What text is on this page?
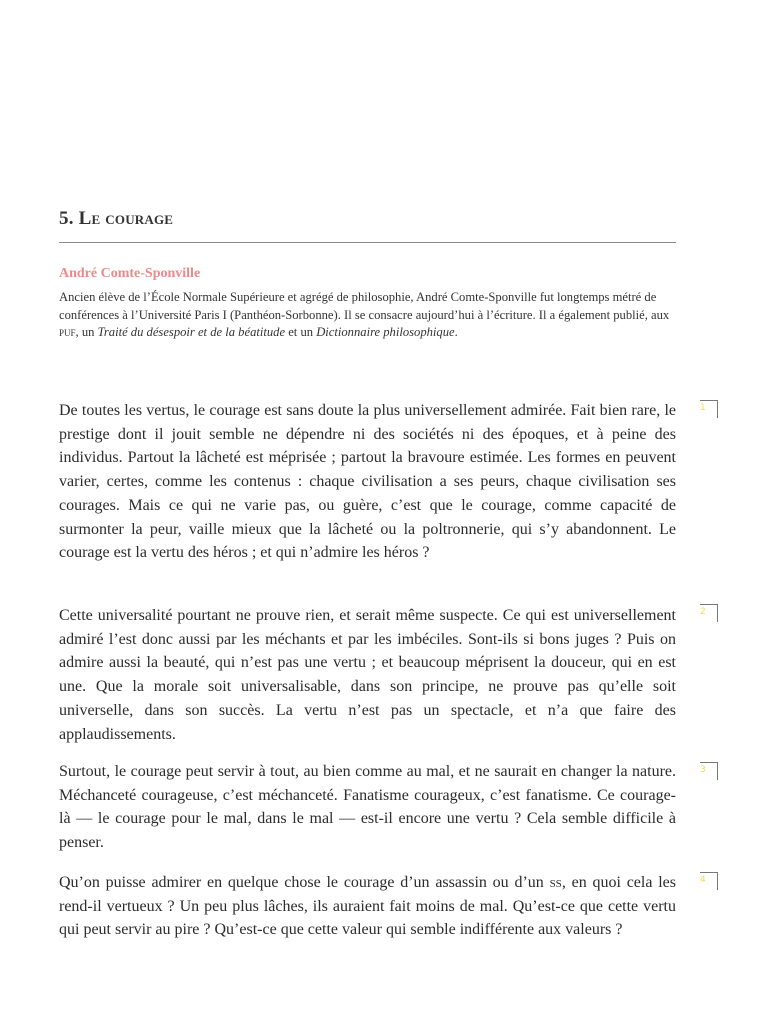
5. Le courage
André Comte-Sponville

Ancien élève de l’École Normale Supérieure et agrégé de philosophie, André Comte-Sponville fut longtemps métré de conférences à l’Université Paris I (Panthéon-Sorbonne). Il se consacre aujourd’hui à l’écriture. Il a également publié, aux puf, un Traité du désespoir et de la béatitude et un Dictionnaire philosophique.

De toutes les vertus, le courage est sans doute la plus universellement admirée. Fait bien rare, le prestige dont il jouit semble ne dépendre ni des sociétés ni des époques, et à peine des individus. Partout la lâcheté est méprisée ; partout la bravoure estimée. Les formes en peuvent varier, certes, comme les contenus : chaque civilisation a ses peurs, chaque civilisation ses courages. Mais ce qui ne varie pas, ou guère, c’est que le courage, comme capacité de surmonter la peur, vaille mieux que la lâcheté ou la poltronnerie, qui s’y abandonnent. Le courage est la vertu des héros ; et qui n’admire les héros ?

Cette universalité pourtant ne prouve rien, et serait même suspecte. Ce qui est universellement admiré l’est donc aussi par les méchants et par les imbéciles. Sont-ils si bons juges ? Puis on admire aussi la beauté, qui n’est pas une vertu ; et beaucoup méprisent la douceur, qui en est une. Que la morale soit universalisable, dans son principe, ne prouve pas qu’elle soit universelle, dans son succès. La vertu n’est pas un spectacle, et n’a que faire des applaudissements.

Surtout, le courage peut servir à tout, au bien comme au mal, et ne saurait en changer la nature. Méchanceté courageuse, c’est méchanceté. Fanatisme courageux, c’est fanatisme. Ce courage-là — le courage pour le mal, dans le mal — est-il encore une vertu ? Cela semble difficile à penser.

Qu’on puisse admirer en quelque chose le courage d’un assassin ou d’un ss, en quoi cela les rend-il vertueux ? Un peu plus lâches, ils auraient fait moins de mal. Qu’est-ce que cette vertu qui peut servir au pire ? Qu’est-ce que cette valeur qui semble indifférente aux valeurs ?

1
2
3
4
